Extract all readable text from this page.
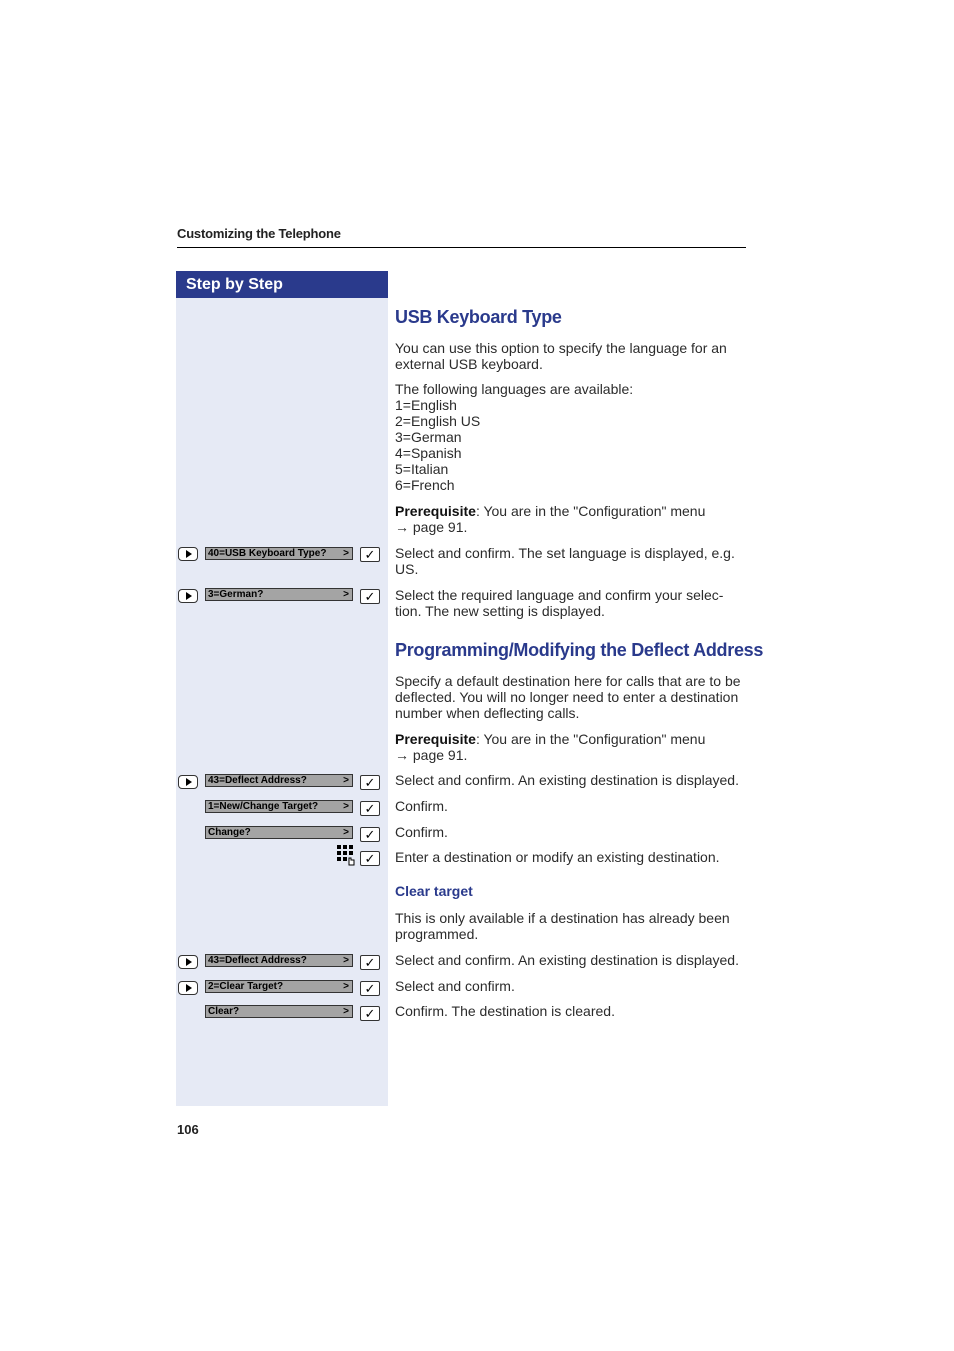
Customizing the Telephone
Step by Step
USB Keyboard Type
You can use this option to specify the language for an
external USB keyboard.
The following languages are available:
1=English
2=English US
3=German
4=Spanish
5=Italian
6=French
Prerequisite: You are in the "Configuration" menu
→ page 91.
40=USB Keyboard Type? >	✓	Select and confirm. The set language is displayed, e.g.
US.
3=German?	>	✓	Select the required language and confirm your selec-
tion. The new setting is displayed.
Programming/Modifying the Deflect Address
Specify a default destination here for calls that are to be
deflected. You will no longer need to enter a destination
number when deflecting calls.
Prerequisite: You are in the "Configuration" menu
→ page 91.
43=Deflect Address?	>	✓	Select and confirm. An existing destination is displayed.
1=New/Change Target?	>	✓	Confirm.
Change?	>	✓	Confirm.
✓	Enter a destination or modify an existing destination.
Clear target
This is only available if a destination has already been
programmed.
43=Deflect Address?	>	✓	Select and confirm. An existing destination is displayed.
2=Clear Target?	>	✓	Select and confirm.
Clear?	>	✓	Confirm. The destination is cleared.
106
